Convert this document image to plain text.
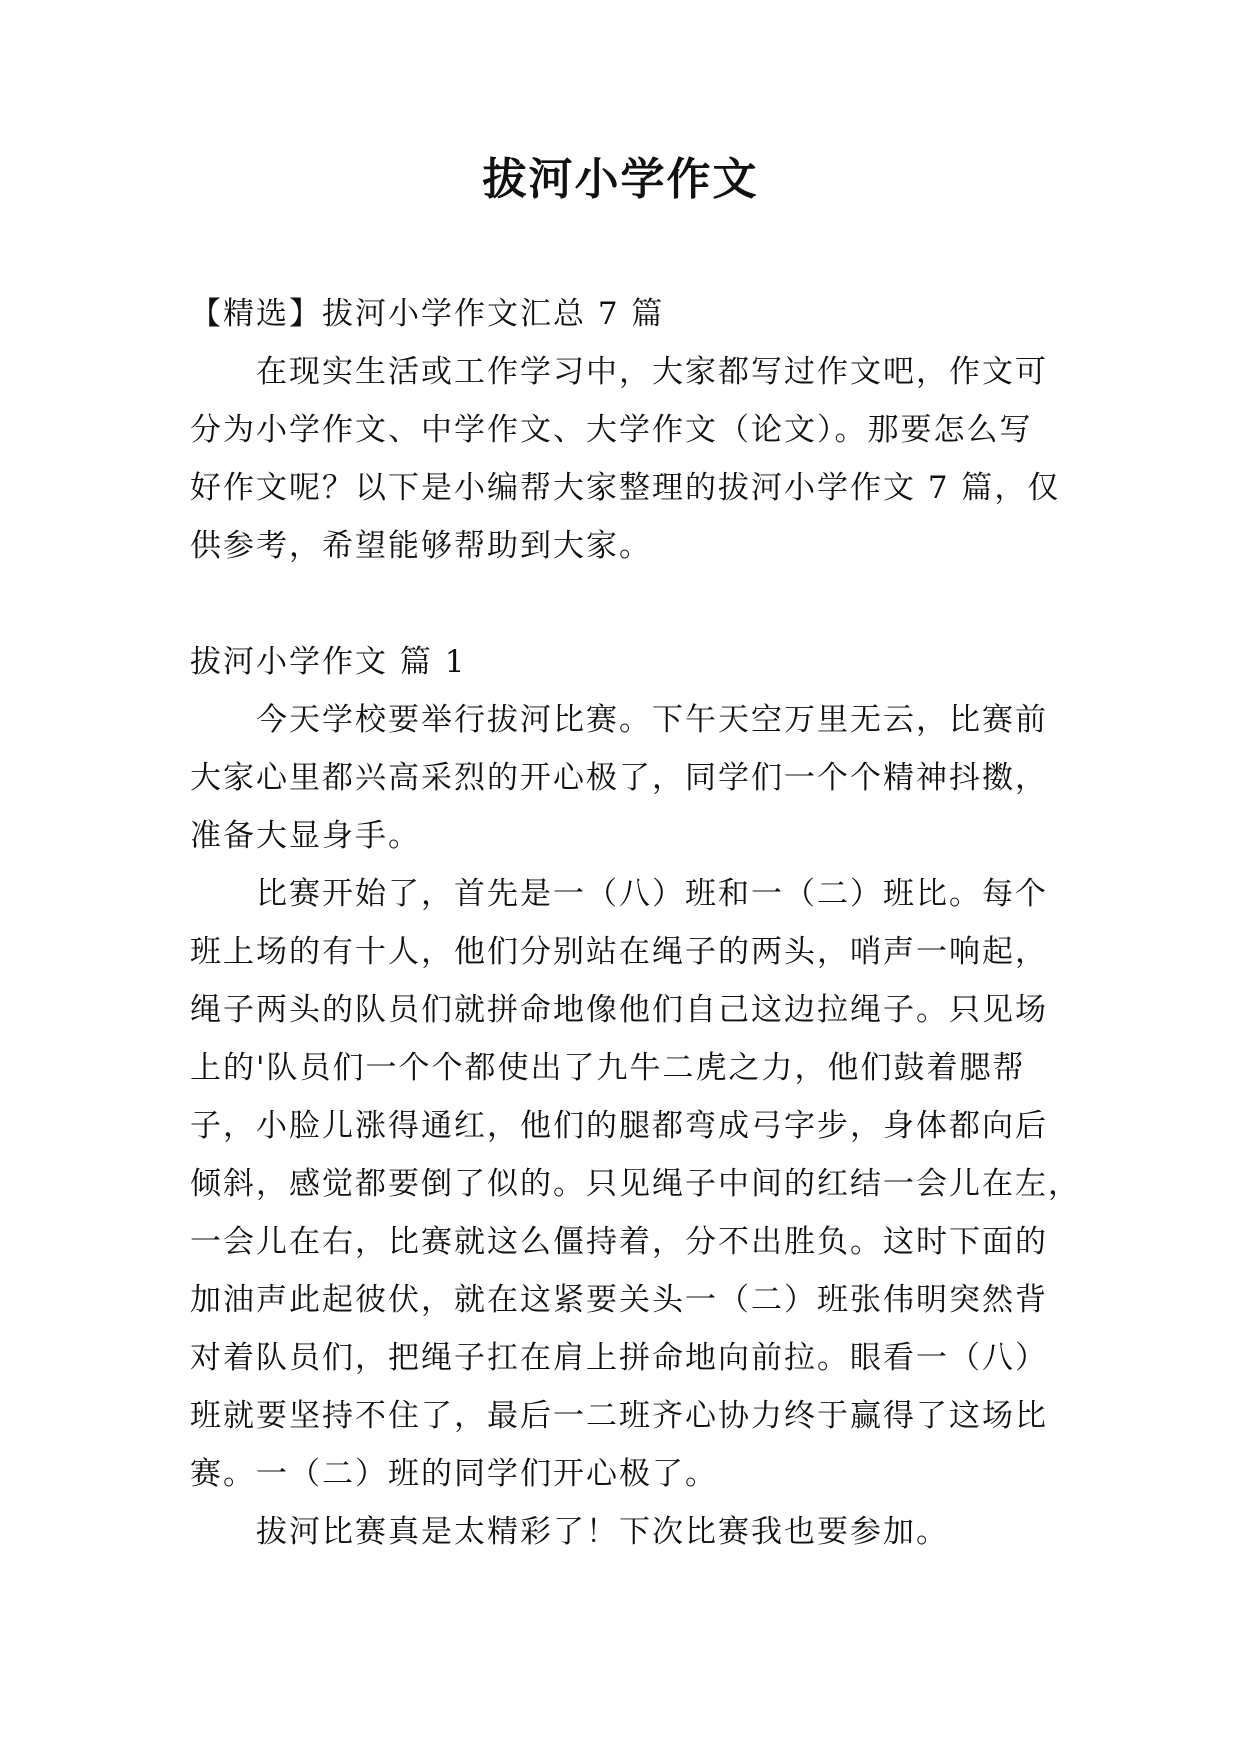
拔河小学作文
【精选】拔河小学作文汇总 7 篇
在现实生活或工作学习中，大家都写过作文吧，作文可
分为小学作文、中学作文、大学作文（论文）。那要怎么写
好作文呢？以下是小编帮大家整理的拔河小学作文 7 篇，仅
供参考，希望能够帮助到大家。
拔河小学作文 篇 1
今天学校要举行拔河比赛。下午天空万里无云，比赛前
大家心里都兴高采烈的开心极了，同学们一个个精神抖擞，
准备大显身手。
比赛开始了，首先是一（八）班和一（二）班比。每个
班上场的有十人，他们分别站在绳子的两头，哨声一响起，
绳子两头的队员们就拼命地像他们自己这边拉绳子。只见场
上的'队员们一个个都使出了九牛二虎之力，他们鼓着腮帮
子，小脸儿涨得通红，他们的腿都弯成弓字步，身体都向后
倾斜，感觉都要倒了似的。只见绳子中间的红结一会儿在左，
一会儿在右，比赛就这么僵持着，分不出胜负。这时下面的
加油声此起彼伏，就在这紧要关头一（二）班张伟明突然背
对着队员们，把绳子扛在肩上拼命地向前拉。眼看一（八）
班就要坚持不住了，最后一二班齐心协力终于赢得了这场比
赛。一（二）班的同学们开心极了。
拔河比赛真是太精彩了！下次比赛我也要参加。
